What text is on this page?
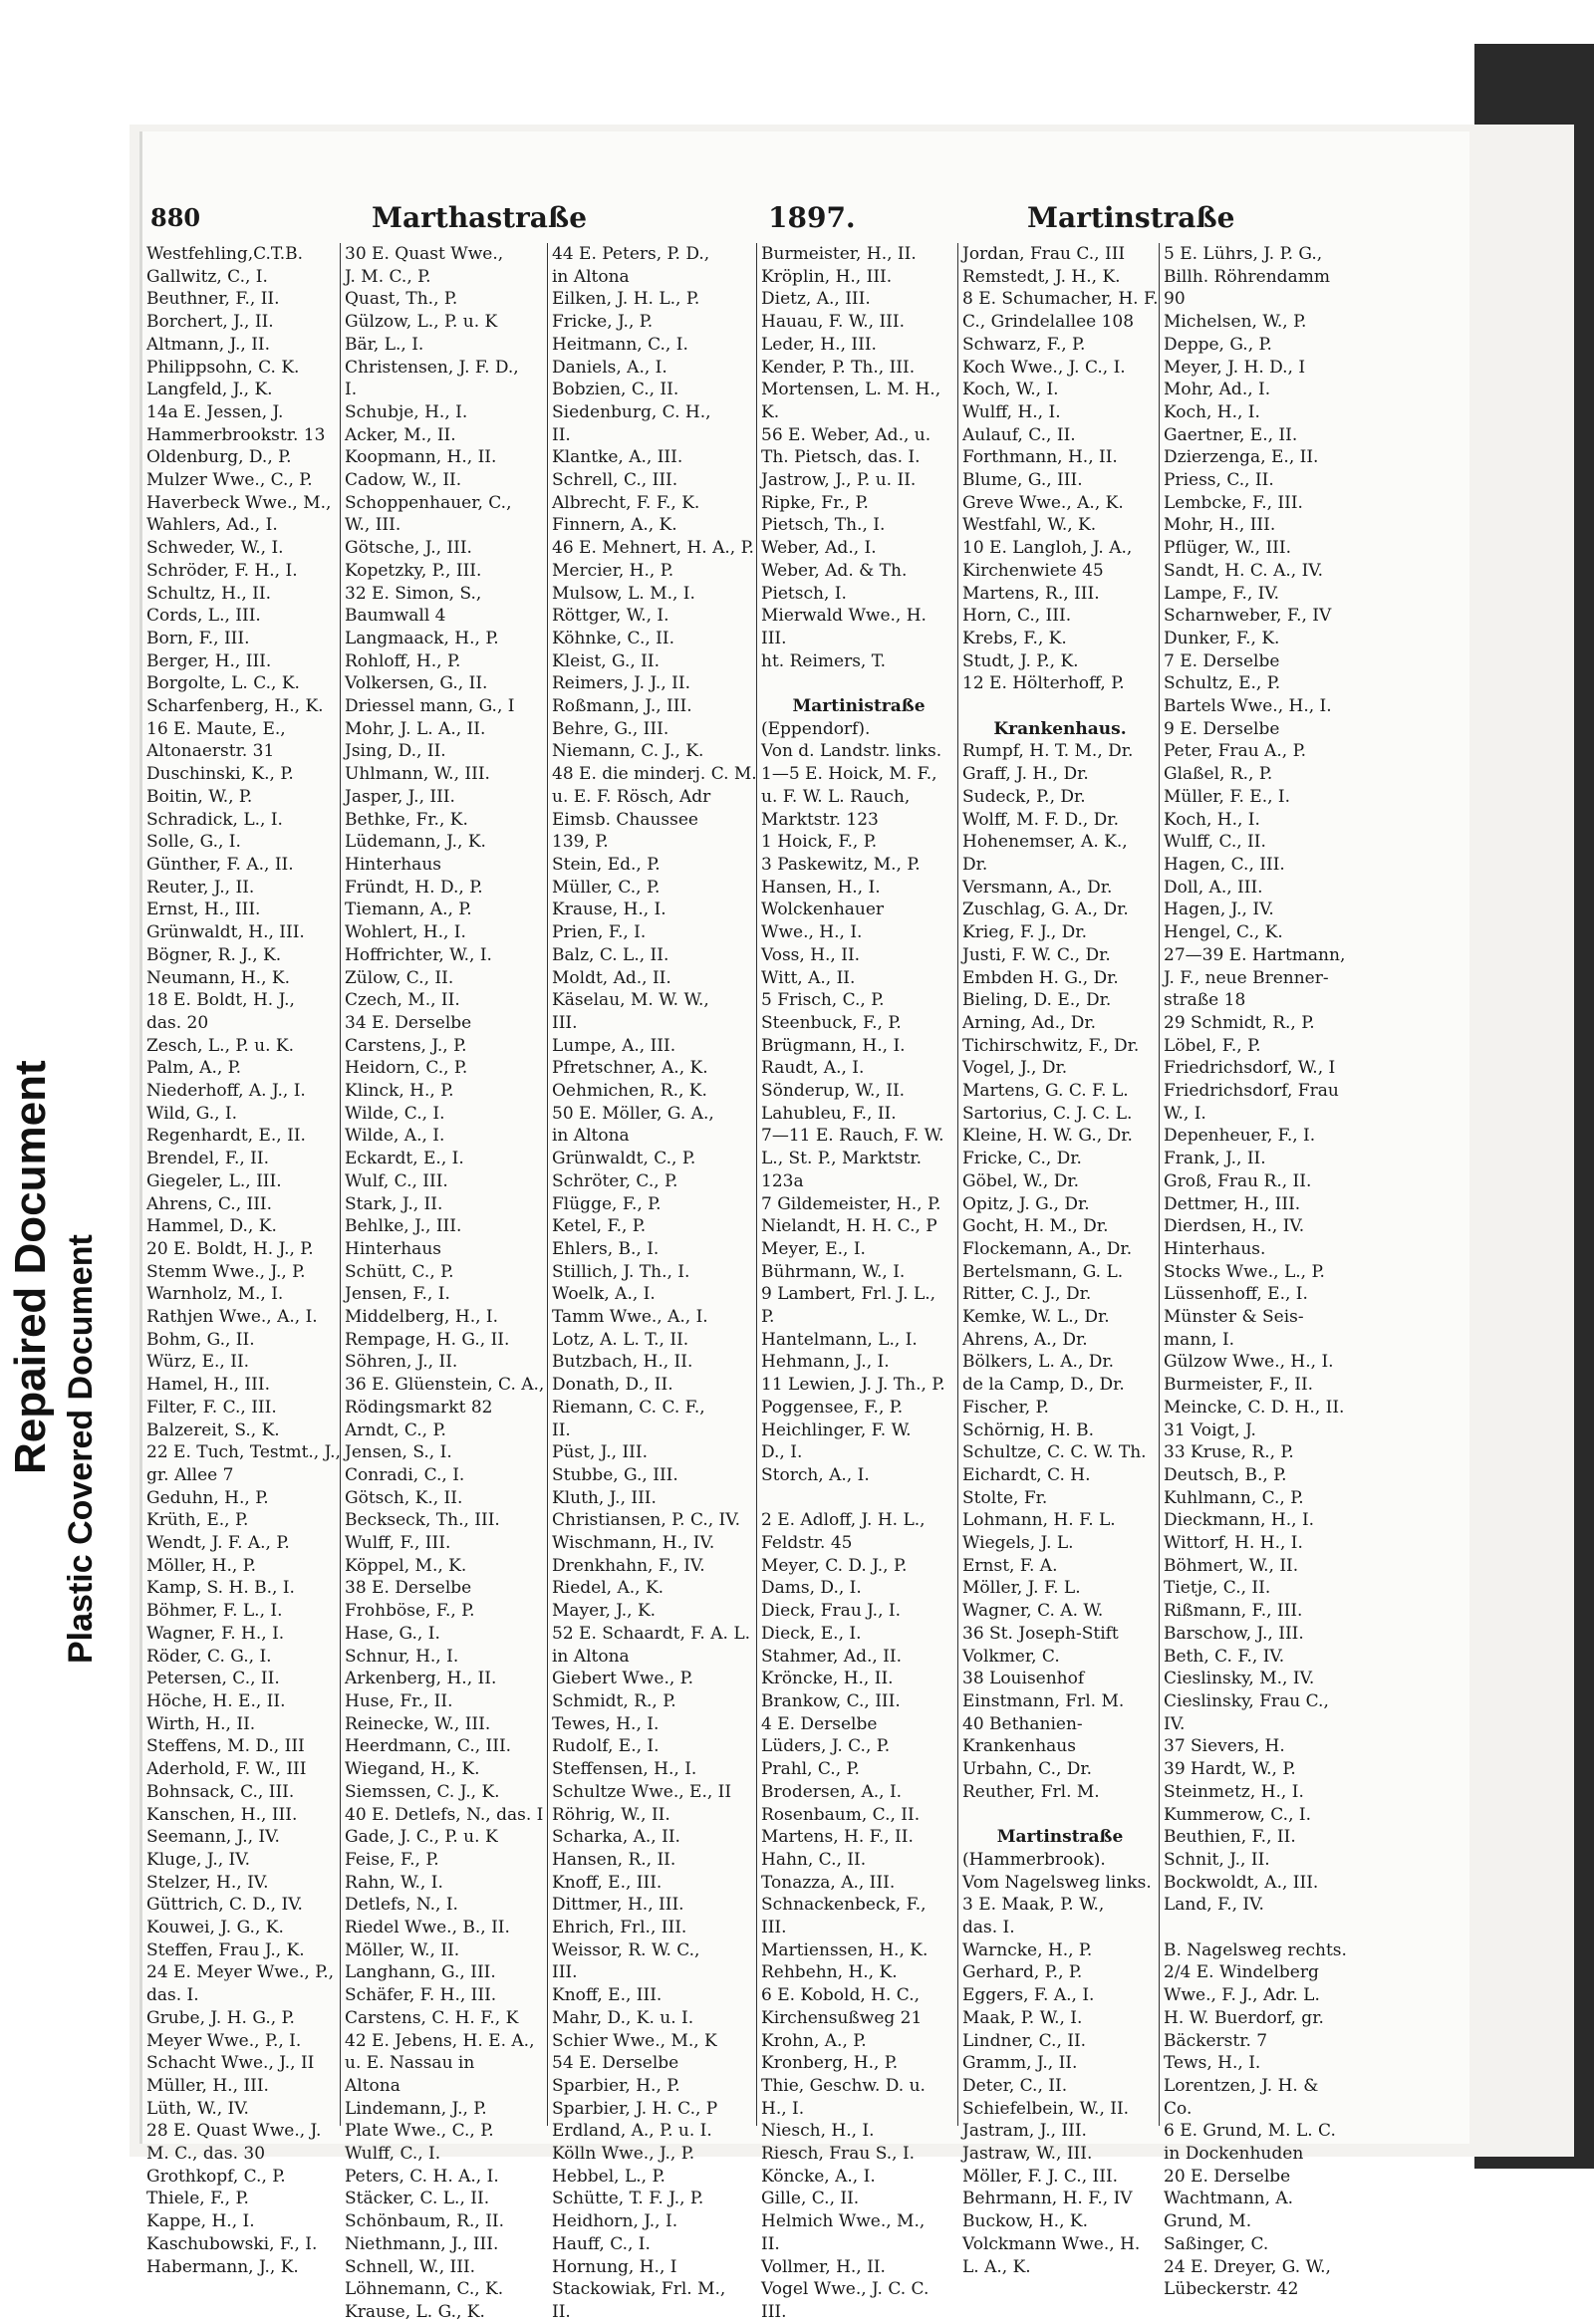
Repaired Document Plastic Covered Document
880	Marthastraße	1897.	Martinstraße
Westfehling,C.T.B.
Gallwitz, C., I.
Beuthner, F., II.
Borchert, J., II.
Altmann, J., II.
Philippsohn, C. K.
Langfeld, J., K.
14a E. Jessen, J.
Hammerbrookstr. 13
Oldenburg, D., P.
Mulzer Wwe., C., P.
Haverbeck Wwe., M.,
Wahlers, Ad., I.
Schweder, W., I.
Schröder, F. H., I.
Schultz, H., II.
Cords, L., III.
Born, F., III.
Berger, H., III.
Borgolte, L. C., K.
Scharfenberg, H., K.
16 E. Maute, E.,
Altonaerstr. 31
Duschinski, K., P.
Boitin, W., P.
Schradick, L., I.
Solle, G., I.
Günther, F. A., II.
Reuter, J., II.
Ernst, H., III.
Grünwaldt, H., III.
Bögner, R. J., K.
Neumann, H., K.
18 E. Boldt, H. J.,
das. 20
Zesch, L., P. u. K.
Palm, A., P.
Niederhoff, A. J., I.
Wild, G., I.
Regenhardt, E., II.
Brendel, F., II.
Giegeler, L., III.
Ahrens, C., III.
Hammel, D., K.
20 E. Boldt, H. J., P.
Stemm Wwe., J., P.
Warnholz, M., I.
Rathjen Wwe., A., I.
Bohm, G., II.
Würz, E., II.
Hamel, H., III.
Filter, F. C., III.
Balzereit, S., K.
22 E. Tuch, Testmt., J.,
gr. Allee 7
Geduhn, H., P.
Krüth, E., P.
Wendt, J. F. A., P.
Möller, H., P.
Kamp, S. H. B., I.
Böhmer, F. L., I.
Wagner, F. H., I.
Röder, C. G., I.
Petersen, C., II.
Höche, H. E., II.
Wirth, H., II.
Steffens, M. D., III
Aderhold, F. W., III
Bohnsack, C., III.
Kanschen, H., III.
Seemann, J., IV.
Kluge, J., IV.
Stelzer, H., IV.
Güttrich, C. D., IV.
Kouwei, J. G., K.
Steffen, Frau J., K.
24 E. Meyer Wwe., P.,
das. I.
Grube, J. H. G., P.
Meyer Wwe., P., I.
Schacht Wwe., J., II
Müller, H., III.
Lüth, W., IV.
28 E. Quast Wwe., J.
M. C., das. 30
Grothkopf, C., P.
Thiele, F., P.
Kappe, H., I.
Kaschubowski, F., I.
Habermann, J., K.
30 E. Quast Wwe.,
J. M. C., P.
Quast, Th., P.
Gülzow, L., P. u. K
Bär, L., I.
Christensen, J. F. D.,
I.
Schubje, H., I.
Acker, M., II.
Koopmann, H., II.
Cadow, W., II.
Schoppenhauer, C.,
W., III.
Götsche, J., III.
Kopetzky, P., III.
32 E. Simon, S.,
Baumwall 4
Langmaack, H., P.
Rohloff, H., P.
Volkersen, G., II.
Driessel mann, G., I
Mohr, J. L. A., II.
Jsing, D., II.
Uhlmann, W., III.
Jasper, J., III.
Bethke, Fr., K.
Lüdemann, J., K.
Hinterhaus
Fründt, H. D., P.
Tiemann, A., P.
Wohlert, H., I.
Hoffrichter, W., I.
Zülow, C., II.
Czech, M., II.
34 E. Derselbe
Carstens, J., P.
Heidorn, C., P.
Klinck, H., P.
Wilde, C., I.
Wilde, A., I.
Eckardt, E., I.
Wulf, C., III.
Stark, J., II.
Behlke, J., III.
Hinterhaus
Schütt, C., P.
Jensen, F., I.
Middelberg, H., I.
Rempage, H. G., II.
Söhren, J., II.
36 E. Glüenstein, C. A.,
Rödingsmarkt 82
Arndt, C., P.
Jensen, S., I.
Conradi, C., I.
Götsch, K., II.
Beckseck, Th., III.
Wulff, F., III.
Köppel, M., K.
38 E. Derselbe
Frohböse, F., P.
Hase, G., I.
Schnur, H., I.
Arkenberg, H., II.
Huse, Fr., II.
Reinecke, W., III.
Heerdmann, C., III.
Wiegand, H., K.
Siemssen, C. J., K.
40 E. Detlefs, N., das. I
Gade, J. C., P. u. K
Feise, F., P.
Rahn, W., I.
Detlefs, N., I.
Riedel Wwe., B., II.
Möller, W., II.
Langhann, G., III.
Schäfer, F. H., III.
Carstens, C. H. F., K
42 E. Jebens, H. E. A.,
u. E. Nassau in
Altona
Lindemann, J., P.
Plate Wwe., C., P.
Wulff, C., I.
Peters, C. H. A., I.
Stäcker, C. L., II.
Schönbaum, R., II.
Niethmann, J., III.
Schnell, W., III.
Löhnemann, C., K.
Krause, L. G., K.
44 E. Peters, P. D.,
in Altona
Eilken, J. H. L., P.
Fricke, J., P.
Heitmann, C., I.
Daniels, A., I.
Bobzien, C., II.
Siedenburg, C. H.,
II.
Klantke, A., III.
Schrell, C., III.
Albrecht, F. F., K.
Finnern, A., K.
46 E. Mehnert, H. A., P.
Mercier, H., P.
Mulsow, L. M., I.
Röttger, W., I.
Köhnke, C., II.
Kleist, G., II.
Reimers, J. J., II.
Roßmann, J., III.
Behre, G., III.
Niemann, C. J., K.
48 E. die minderj. C. M.
u. E. F. Rösch, Adr
Eimsb. Chaussee
139, P.
Stein, Ed., P.
Müller, C., P.
Krause, H., I.
Prien, F., I.
Balz, C. L., II.
Moldt, Ad., II.
Käselau, M. W. W.,
III.
Lumpe, A., III.
Pfretschner, A., K.
Oehmichen, R., K.
50 E. Möller, G. A.,
in Altona
Grünwaldt, C., P.
Schröter, C., P.
Flügge, F., P.
Ketel, F., P.
Ehlers, B., I.
Stillich, J. Th., I.
Woelk, A., I.
Tamm Wwe., A., I.
Lotz, A. L. T., II.
Butzbach, H., II.
Donath, D., II.
Riemann, C. C. F.,
II.
Püst, J., III.
Stubbe, G., III.
Kluth, J., III.
Christiansen, P. C., IV.
Wischmann, H., IV.
Drenkhahn, F., IV.
Riedel, A., K.
Mayer, J., K.
52 E. Schaardt, F. A. L.
in Altona
Giebert Wwe., P.
Schmidt, R., P.
Tewes, H., I.
Rudolf, E., I.
Steffensen, H., I.
Schultze Wwe., E., II
Röhrig, W., II.
Scharka, A., II.
Hansen, R., II.
Knoff, E., III.
Dittmer, H., III.
Ehrich, Frl., III.
Weissor, R. W. C.,
III.
Knoff, E., III.
Mahr, D., K. u. I.
Schier Wwe., M., K
54 E. Derselbe
Sparbier, H., P.
Sparbier, J. H. C., P
Erdland, A., P. u. I.
Kölln Wwe., J., P.
Hebbel, L., P.
Schütte, T. F. J., P.
Heidhorn, J., I.
Hauff, C., I.
Hornung, H., I
Stackowiak, Frl. M.,
II.
Burmeister, H., II.
Kröplin, H., III.
Dietz, A., III.
Hauau, F. W., III.
Leder, H., III.
Kender, P. Th., III.
Mortensen, L. M. H.,
K.
56 E. Weber, Ad., u.
Th. Pietsch, das. I.
Jastrow, J., P. u. II.
Ripke, Fr., P.
Pietsch, Th., I.
Weber, Ad., I.
Weber, Ad. & Th.
Pietsch, I.
Mierwald Wwe., H.
III.
ht. Reimers, T.

Martinistraße
(Eppendorf).
Von d. Landstr. links.
1—5 E. Hoick, M. F.,
u. F. W. L. Rauch,
Marktstr. 123
1 Hoick, F., P.
3 Paskewitz, M., P.
Hansen, H., I.
Wolckenhauer
Wwe., H., I.
Voss, H., II.
Witt, A., II.
5 Frisch, C., P.
Steenbuck, F., P.
Brügmann, H., I.
Raudt, A., I.
Sönderup, W., II.
Lahubleu, F., II.
7—11 E. Rauch, F. W.
L., St. P., Marktstr.
123a
7 Gildemeister, H., P.
Nielandt, H. H. C., P
Meyer, E., I.
Bührmann, W., I.
9 Lambert, Frl. J. L.,
P.
Hantelmann, L., I.
Hehmann, J., I.
11 Lewien, J. J. Th., P.
Poggensee, F., P.
Heichlinger, F. W.
D., I.
Storch, A., I.

2 E. Adloff, J. H. L.,
Feldstr. 45
Meyer, C. D. J., P.
Dams, D., I.
Dieck, Frau J., I.
Dieck, E., I.
Stahmer, Ad., II.
Kröncke, H., II.
Brankow, C., III.
4 E. Derselbe
Lüders, J. C., P.
Prahl, C., P.
Brodersen, A., I.
Rosenbaum, C., II.
Martens, H. F., II.
Hahn, C., II.
Tonazza, A., III.
Schnackenbeck, F.,
III.
Martienssen, H., K.
Rehbehn, H., K.
6 E. Kobold, H. C.,
Kirchensußweg 21
Krohn, A., P.
Kronberg, H., P.
Thie, Geschw. D. u.
H., I.
Niesch, H., I.
Riesch, Frau S., I.
Köncke, A., I.
Gille, C., II.
Helmich Wwe., M.,
II.
Vollmer, H., II.
Vogel Wwe., J. C. C.
III.
Jordan, Frau C., III
Remstedt, J. H., K.
8 E. Schumacher, H. F.
C., Grindelallee 108
Schwarz, F., P.
Koch Wwe., J. C., I.
Koch, W., I.
Wulff, H., I.
Aulauf, C., II.
Forthmann, H., II.
Blume, G., III.
Greve Wwe., A., K.
Westfahl, W., K.
10 E. Langloh, J. A.,
Kirchenwiete 45
Martens, R., III.
Horn, C., III.
Krebs, F., K.
Studt, J. P., K.
12 E. Hölterhoff, P.

Krankenhaus.
Rumpf, H. T. M., Dr.
Graff, J. H., Dr.
Sudeck, P., Dr.
Wolff, M. F. D., Dr.
Hohenemser, A. K.,
Dr.
Versmann, A., Dr.
Zuschlag, G. A., Dr.
Krieg, F. J., Dr.
Justi, F. W. C., Dr.
Embden H. G., Dr.
Bieling, D. E., Dr.
Arning, Ad., Dr.
Tichirschwitz, F., Dr.
Vogel, J., Dr.
Martens, G. C. F. L.
Sartorius, C. J. C. L.
Kleine, H. W. G., Dr.
Fricke, C., Dr.
Göbel, W., Dr.
Opitz, J. G., Dr.
Gocht, H. M., Dr.
Flockemann, A., Dr.
Bertelsmann, G. L.
Ritter, C. J., Dr.
Kemke, W. L., Dr.
Ahrens, A., Dr.
Bölkers, L. A., Dr.
de la Camp, D., Dr.
Fischer, P.
Schörnig, H. B.
Schultze, C. C. W. Th.
Eichardt, C. H.
Stolte, Fr.
Lohmann, H. F. L.
Wiegels, J. L.
Ernst, F. A.
Möller, J. F. L.
Wagner, C. A. W.
36 St. Joseph-Stift
Volkmer, C.
38 Louisenhof
Einstmann, Frl. M.
40 Bethanien-
Krankenhaus
Urbahn, C., Dr.
Reuther, Frl. M.

Martinstraße
(Hammerbrook).
Vom Nagelsweg links.
3 E. Maak, P. W.,
das. I.
Warncke, H., P.
Gerhard, P., P.
Eggers, F. A., I.
Maak, P. W., I.
Lindner, C., II.
Gramm, J., II.
Deter, C., II.
Schiefelbein, W., II.
Jastram, J., III.
Jastraw, W., III.
Möller, F. J. C., III.
Behrmann, H. F., IV
Buckow, H., K.
Volckmann Wwe., H.
L. A., K.
5 E. Lührs, J. P. G.,
Billh. Röhrendamm
90
Michelsen, W., P.
Deppe, G., P.
Meyer, J. H. D., I
Mohr, Ad., I.
Koch, H., I.
Gaertner, E., II.
Dzierzenga, E., II.
Priess, C., II.
Lembcke, F., III.
Mohr, H., III.
Pflüger, W., III.
Sandt, H. C. A., IV.
Lampe, F., IV.
Scharnweber, F., IV
Dunker, F., K.
7 E. Derselbe
Schultz, E., P.
Bartels Wwe., H., I.
9 E. Derselbe
Peter, Frau A., P.
Glaßel, R., P.
Müller, F. E., I.
Koch, H., I.
Wulff, C., II.
Hagen, C., III.
Doll, A., III.
Hagen, J., IV.
Hengel, C., K.
27—39 E. Hartmann,
J. F., neue Brenner-
straße 18
29 Schmidt, R., P.
Löbel, F., P.
Friedrichsdorf, W., I
Friedrichsdorf, Frau
W., I.
Depenheuer, F., I.
Frank, J., II.
Groß, Frau R., II.
Dettmer, H., III.
Dierdsen, H., IV.
Hinterhaus.
Stocks Wwe., L., P.
Lüssenhoff, E., I.
Münster & Seis-
mann, I.
Gülzow Wwe., H., I.
Burmeister, F., II.
Meincke, C. D. H., II.
31 Voigt, J.
33 Kruse, R., P.
Deutsch, B., P.
Kuhlmann, C., P.
Dieckmann, H., I.
Wittorf, H. H., I.
Böhmert, W., II.
Tietje, C., II.
Rißmann, F., III.
Barschow, J., III.
Beth, C. F., IV.
Cieslinsky, M., IV.
Cieslinsky, Frau C.,
IV.
37 Sievers, H.
39 Hardt, W., P.
Steinmetz, H., I.
Kummerow, C., I.
Beuthien, F., II.
Schnit, J., II.
Bockwoldt, A., III.
Land, F., IV.

B. Nagelsweg rechts.
2/4 E. Windelberg
Wwe., F. J., Adr. L.
H. W. Buerdorf, gr.
Bäckerstr. 7
Tews, H., I.
Lorentzen, J. H. &
Co.
6 E. Grund, M. L. C.
in Dockenhuden
20 E. Derselbe
Wachtmann, A.
Grund, M.
Saßinger, C.
24 E. Dreyer, G. W.,
Lübeckerstr. 42
